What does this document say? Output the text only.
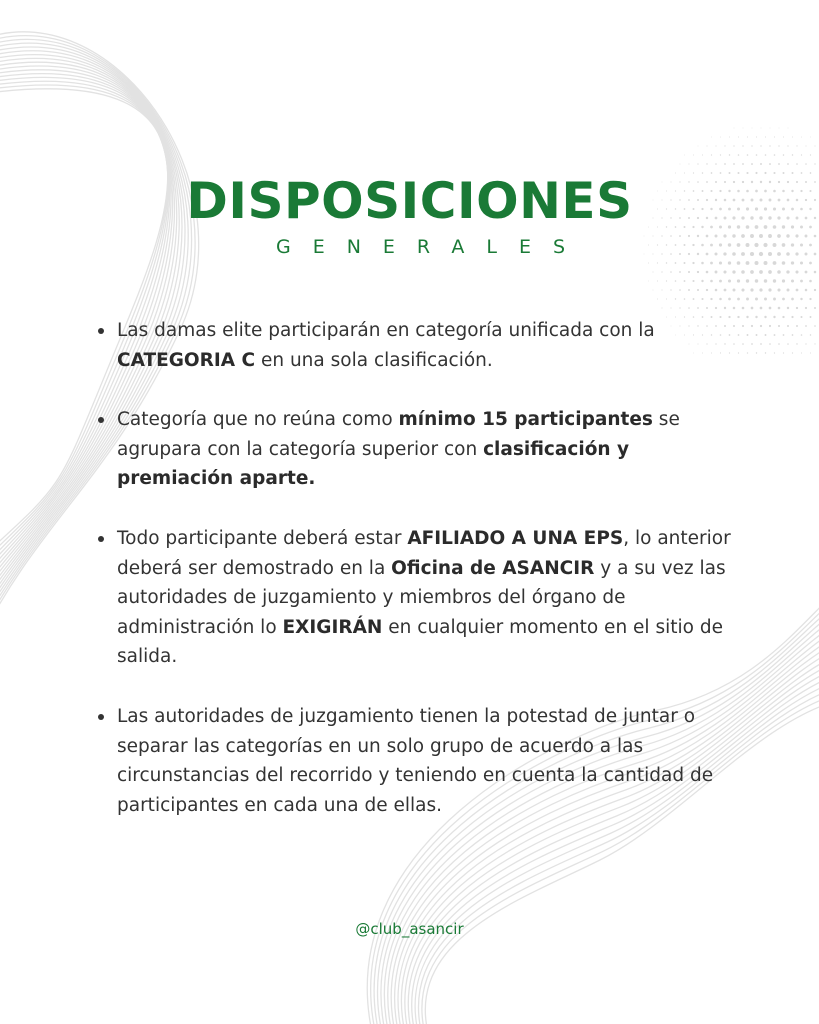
DISPOSICIONES
GENERALES
Las damas elite participarán en categoría unificada con la CATEGORIA C en una sola clasificación.
Categoría que no reúna como mínimo 15 participantes se agrupara con la categoría superior con clasificación y premiación aparte.
Todo participante deberá estar AFILIADO A UNA EPS, lo anterior deberá ser demostrado en la Oficina de ASANCIR y a su vez las autoridades de juzgamiento y miembros del órgano de administración lo EXIGIRÁN en cualquier momento en el sitio de salida.
Las autoridades de juzgamiento tienen la potestad de juntar o separar las categorías en un solo grupo de acuerdo a las circunstancias del recorrido y teniendo en cuenta la cantidad de participantes en cada una de ellas.
@club_asancir
